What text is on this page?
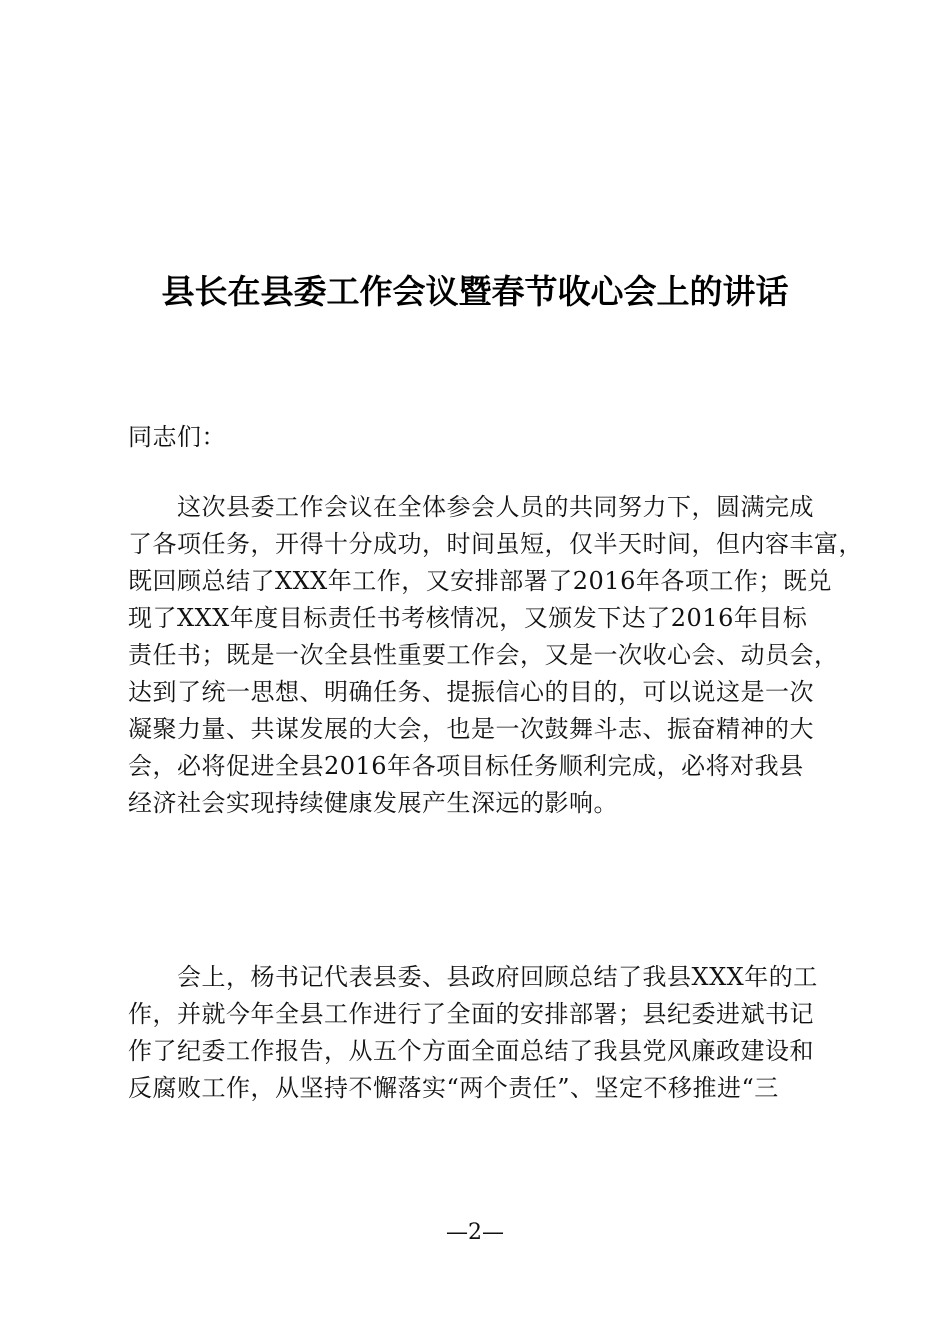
县长在县委工作会议暨春节收心会上的讲话
同志们：
　　这次县委工作会议在全体参会人员的共同努力下，圆满完成
了各项任务，开得十分成功，时间虽短，仅半天时间，但内容丰富，
既回顾总结了XXX年工作，又安排部署了2016年各项工作；既兑
现了XXX年度目标责任书考核情况，又颁发下达了2016年目标
责任书；既是一次全县性重要工作会，又是一次收心会、动员会，
达到了统一思想、明确任务、提振信心的目的，可以说这是一次
凝聚力量、共谋发展的大会，也是一次鼓舞斗志、振奋精神的大
会，必将促进全县2016年各项目标任务顺利完成，必将对我县
经济社会实现持续健康发展产生深远的影响。
　　会上，杨书记代表县委、县政府回顾总结了我县XXX年的工
作，并就今年全县工作进行了全面的安排部署；县纪委进斌书记
作了纪委工作报告，从五个方面全面总结了我县党风廉政建设和
反腐败工作，从坚持不懈落实“两个责任”、坚定不移推进“三
—2—
